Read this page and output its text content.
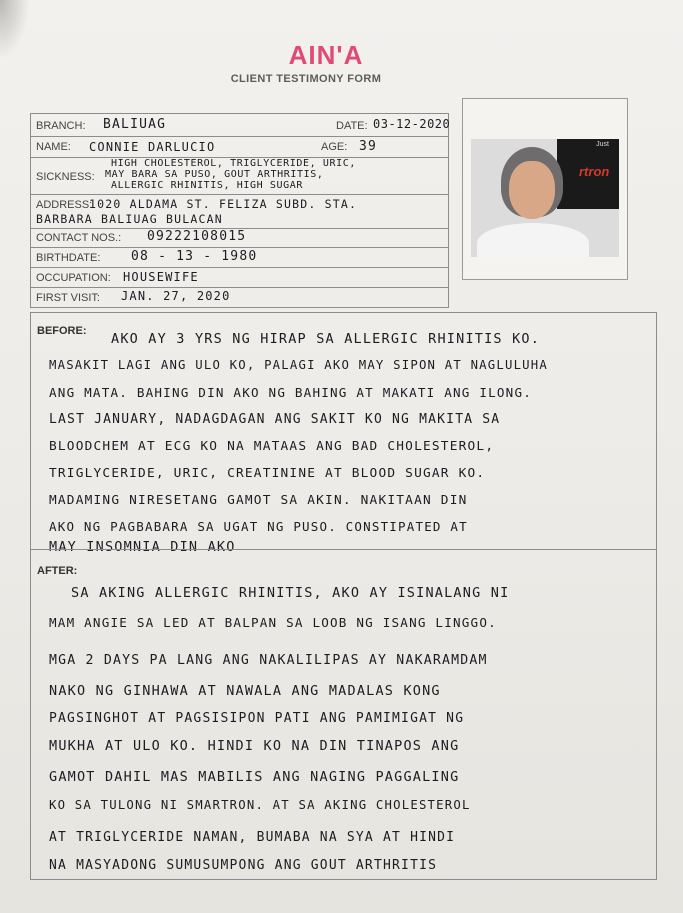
AIN'A
CLIENT TESTIMONY FORM
BRANCH: BALIUAG	DATE: 03-12-2020
NAME: CONNIE DARLUCIO	AGE: 39
SICKNESS:
HIGH CHOLESTEROL, TRIGLYCERIDE, URIC,
MAY BARA SA PUSO, GOUT ARTHRITIS,
ALLERGIC RHINITIS, HIGH SUGAR
ADDRESS:
1020 ALDAMA ST. FELIZA SUBD. STA.
BARBARA BALIUAG BULACAN
CONTACT NOS.: 09222108015
BIRTHDATE: 08 - 13 - 1980
OCCUPATION: HOUSEWIFE
FIRST VISIT: JAN. 27, 2020
Just
rtron
BEFORE: AKO AY 3 YRS NG HIRAP SA ALLERGIC RHINITIS KO.
MASAKIT LAGI ANG ULO KO, PALAGI AKO MAY SIPON AT NAGLULUHA
ANG MATA. BAHING DIN AKO NG BAHING AT MAKATI ANG ILONG.
LAST JANUARY, NADAGDAGAN ANG SAKIT KO NG MAKITA SA
BLOODCHEM AT ECG KO NA MATAAS ANG BAD CHOLESTEROL,
TRIGLYCERIDE, URIC, CREATININE AT BLOOD SUGAR KO.
MADAMING NIRESETANG GAMOT SA AKIN. NAKITAAN DIN
AKO NG PAGBABARA SA UGAT NG PUSO. CONSTIPATED AT
MAY INSOMNIA DIN AKO
AFTER:
SA AKING ALLERGIC RHINITIS, AKO AY ISINALANG NI
MAM ANGIE SA LED AT BALPAN SA LOOB NG ISANG LINGGO.
MGA 2 DAYS PA LANG ANG NAKALILIPAS AY NAKARAMDAM
NAKO NG GINHAWA AT NAWALA ANG MADALAS KONG
PAGSINGHOT AT PAGSISIPON PATI ANG PAMIMIGAT NG
MUKHA AT ULO KO. HINDI KO NA DIN TINAPOS ANG
GAMOT DAHIL MAS MABILIS ANG NAGING PAGGALING
KO SA TULONG NI SMARTRON. AT SA AKING CHOLESTEROL
AT TRIGLYCERIDE NAMAN, BUMABA NA SYA AT HINDI
NA MASYADONG SUMUSUMPONG ANG GOUT ARTHRITIS
